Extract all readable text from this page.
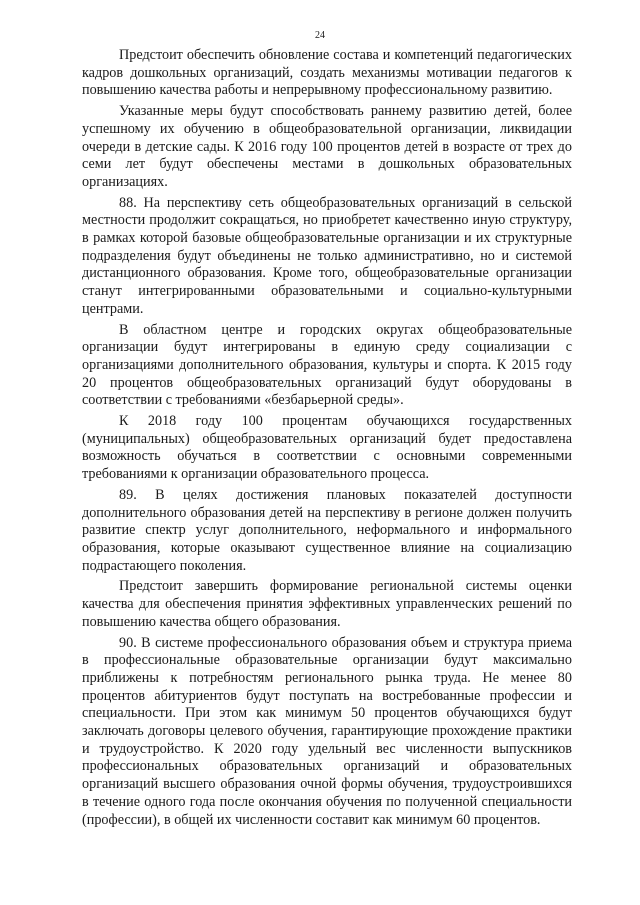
24

Предстоит обеспечить обновление состава и компетенций педагогических кадров дошкольных организаций, создать механизмы мотивации педагогов к повышению качества работы и непрерывному профессиональному развитию.

Указанные меры будут способствовать раннему развитию детей, более успешному их обучению в общеобразовательной организации, ликвидации очереди в детские сады. К 2016 году 100 процентов детей в возрасте от трех до семи лет будут обеспечены местами в дошкольных образовательных организациях.

88. На перспективу сеть общеобразовательных организаций в сельской местности продолжит сокращаться, но приобретет качественно иную структуру, в рамках которой базовые общеобразовательные организации и их структурные подразделения будут объединены не только административно, но и системой дистанционного образования. Кроме того, общеобразовательные организации станут интегрированными образовательными и социально-культурными центрами.

В областном центре и городских округах общеобразовательные организации будут интегрированы в единую среду социализации с организациями дополнительного образования, культуры и спорта. К 2015 году 20 процентов общеобразовательных организаций будут оборудованы в соответствии с требованиями «безбарьерной среды».

К 2018 году 100 процентам обучающихся государственных (муниципальных) общеобразовательных организаций будет предоставлена возможность обучаться в соответствии с основными современными требованиями к организации образовательного процесса.

89. В целях достижения плановых показателей доступности дополнительного образования детей на перспективу в регионе должен получить развитие спектр услуг дополнительного, неформального и информального образования, которые оказывают существенное влияние на социализацию подрастающего поколения.

Предстоит завершить формирование региональной системы оценки качества для обеспечения принятия эффективных управленческих решений по повышению качества общего образования.

90. В системе профессионального образования объем и структура приема в профессиональные образовательные организации будут максимально приближены к потребностям регионального рынка труда. Не менее 80 процентов абитуриентов будут поступать на востребованные профессии и специальности. При этом как минимум 50 процентов обучающихся будут заключать договоры целевого обучения, гарантирующие прохождение практики и трудоустройство. К 2020 году удельный вес численности выпускников профессиональных образовательных организаций и образовательных организаций высшего образования очной формы обучения, трудоустроившихся в течение одного года после окончания обучения по полученной специальности (профессии), в общей их численности составит как минимум 60 процентов.
